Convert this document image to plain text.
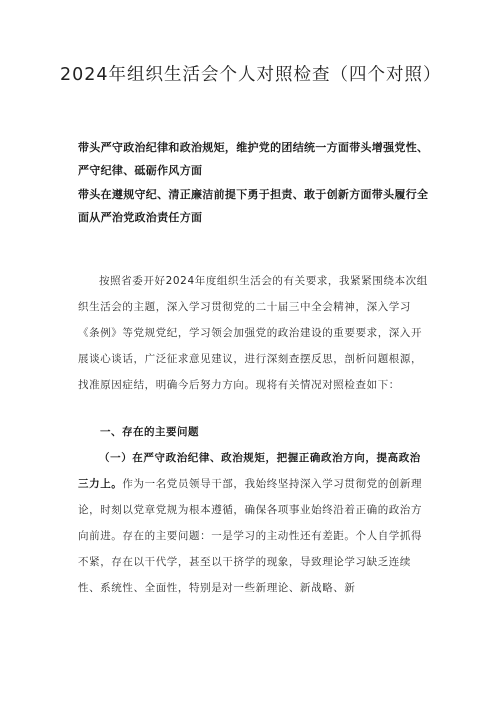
2024年组织生活会个人对照检查（四个对照）
带头严守政治纪律和政治规矩，维护党的团结统一方面带头增强党性、严守纪律、砥砺作风方面
带头在遵规守纪、清正廉洁前提下勇于担责、敢于创新方面带头履行全面从严治党政治责任方面
按照省委开好2024年度组织生活会的有关要求，我紧紧围绕本次组织生活会的主题，深入学习贯彻党的二十届三中全会精神，深入学习《条例》等党规党纪，学习领会加强党的政治建设的重要要求，深入开展谈心谈话，广泛征求意见建议，进行深刻查摆反思，剖析问题根源，找准原因症结，明确今后努力方向。现将有关情况对照检查如下：
一、存在的主要问题
（一）在严守政治纪律、政治规矩，把握正确政治方向，提高政治三力上。作为一名党员领导干部，我始终坚持深入学习贯彻党的创新理论，时刻以党章党规为根本遵循，确保各项事业始终沿着正确的政治方向前进。存在的主要问题：一是学习的主动性还有差距。个人自学抓得不紧，存在以干代学，甚至以干挤学的现象，导致理论学习缺乏连续性、系统性、全面性，特别是对一些新理论、新战略、新
